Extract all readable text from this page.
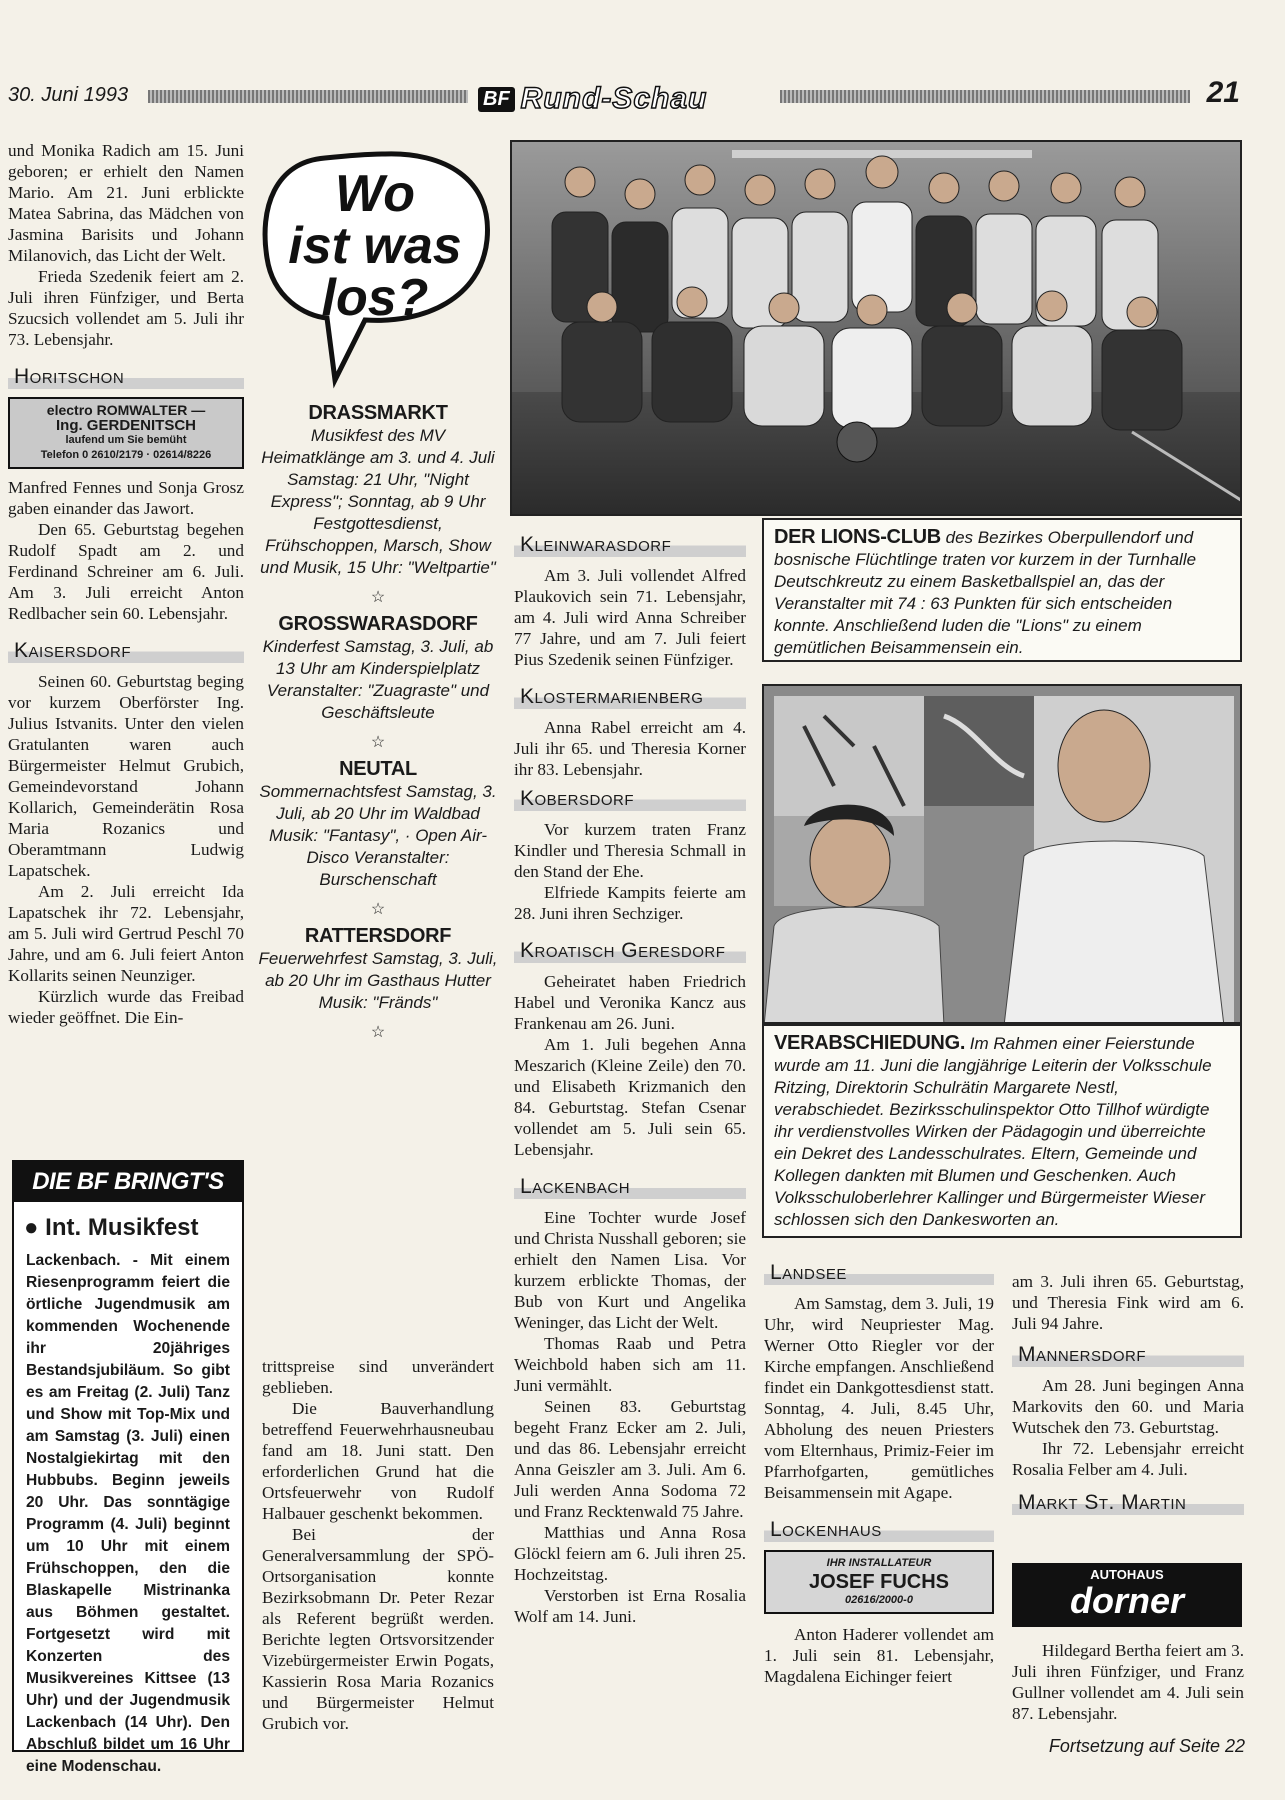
30. Juni 1993	BF Rund-Schau	21

und Monika Radich am 15. Juni geboren; er erhielt den Namen Mario. Am 21. Juni erblickte Matea Sabrina, das Mädchen von Jasmina Barisits und Johann Milanovich, das Licht der Welt.

Frieda Szedenik feiert am 2. Juli ihren Fünfziger, und Berta Szucsich vollendet am 5. Juli ihr 73. Lebensjahr.

Horitschon
electro ROMWALTER —
Ing. GERDENITSCH
laufend um Sie bemüht
Telefon 0 2610/2179 · 02614/8226

Manfred Fennes und Sonja Grosz gaben einander das Jawort.

Den 65. Geburtstag begehen Rudolf Spadt am 2. und Ferdinand Schreiner am 6. Juli. Am 3. Juli erreicht Anton Redlbacher sein 60. Lebensjahr.

Kaisersdorf

Seinen 60. Geburtstag beging vor kurzem Oberförster Ing. Julius Istvanits. Unter den vielen Gratulanten waren auch Bürgermeister Helmut Grubich, Gemeindevorstand Johann Kollarich, Gemeinderätin Rosa Maria Rozanics und Oberamtmann Ludwig Lapatschek.

Am 2. Juli erreicht Ida Lapatschek ihr 72. Lebensjahr, am 5. Juli wird Gertrud Peschl 70 Jahre, und am 6. Juli feiert Anton Kollarits seinen Neunziger.

Kürzlich wurde das Freibad wieder geöffnet. Die Ein-

DIE BF BRINGT'S
● Int. Musikfest
Lackenbach. - Mit einem Riesenprogramm feiert die örtliche Jugendmusik am kommenden Wochenende ihr 20jähriges Bestandsjubiläum. So gibt es am Freitag (2. Juli) Tanz und Show mit Top-Mix und am Samstag (3. Juli) einen Nostalgiekirtag mit den Hubbubs. Beginn jeweils 20 Uhr. Das sonntägige Programm (4. Juli) beginnt um 10 Uhr mit einem Frühschoppen, den die Blaskapelle Mistrinanka aus Böhmen gestaltet. Fortgesetzt wird mit Konzerten des Musikvereines Kittsee (13 Uhr) und der Jugendmusik Lackenbach (14 Uhr). Den Abschluß bildet um 16 Uhr eine Modenschau.
Wo
ist was
los?
DRASSMARKT
Musikfest des MV Heimatklänge am 3. und 4. Juli Samstag: 21 Uhr, "Night Express"; Sonntag, ab 9 Uhr Festgottesdienst, Frühschoppen, Marsch, Show und Musik, 15 Uhr: "Weltpartie"
☆
GROSSWARASDORF
Kinderfest Samstag, 3. Juli, ab 13 Uhr am Kinderspielplatz Veranstalter: "Zuagraste" und Geschäftsleute
☆
NEUTAL
Sommernachtsfest Samstag, 3. Juli, ab 20 Uhr im Waldbad Musik: "Fantasy", · Open Air-Disco Veranstalter: Burschenschaft
☆
RATTERSDORF
Feuerwehrfest Samstag, 3. Juli, ab 20 Uhr im Gasthaus Hutter Musik: "Fränds"
☆

trittspreise sind unverändert geblieben.

Die Bauverhandlung betreffend Feuerwehrhausneubau fand am 18. Juni statt. Den erforderlichen Grund hat die Ortsfeuerwehr von Rudolf Halbauer geschenkt bekommen.

Bei der Generalversammlung der SPÖ-Ortsorganisation konnte Bezirksobmann Dr. Peter Rezar als Referent begrüßt werden. Berichte legten Ortsvorsitzender Vizebürgermeister Erwin Pogats, Kassierin Rosa Maria Rozanics und Bürgermeister Helmut Grubich vor.

DER LIONS-CLUB des Bezirkes Oberpullendorf und bosnische Flüchtlinge traten vor kurzem in der Turnhalle Deutschkreutz zu einem Basketballspiel an, das der Veranstalter mit 74 : 63 Punkten für sich entscheiden konnte. Anschließend luden die "Lions" zu einem gemütlichen Beisammensein ein.
Kleinwarasdorf

Am 3. Juli vollendet Alfred Plaukovich sein 71. Lebensjahr, am 4. Juli wird Anna Schreiber 77 Jahre, und am 7. Juli feiert Pius Szedenik seinen Fünfziger.

Klostermarienberg

Anna Rabel erreicht am 4. Juli ihr 65. und Theresia Korner ihr 83. Lebensjahr.

Kobersdorf

Vor kurzem traten Franz Kindler und Theresia Schmall in den Stand der Ehe.

Elfriede Kampits feierte am 28. Juni ihren Sechziger.

Kroatisch Geresdorf

Geheiratet haben Friedrich Habel und Veronika Kancz aus Frankenau am 26. Juni.

Am 1. Juli begehen Anna Meszarich (Kleine Zeile) den 70. und Elisabeth Krizmanich den 84. Geburtstag. Stefan Csenar vollendet am 5. Juli sein 65. Lebensjahr.

Lackenbach

Eine Tochter wurde Josef und Christa Nusshall geboren; sie erhielt den Namen Lisa. Vor kurzem erblickte Thomas, der Bub von Kurt und Angelika Weninger, das Licht der Welt.

Thomas Raab und Petra Weichbold haben sich am 11. Juni vermählt.

Seinen 83. Geburtstag begeht Franz Ecker am 2. Juli, und das 86. Lebensjahr erreicht Anna Geiszler am 3. Juli. Am 6. Juli werden Anna Sodoma 72 und Franz Recktenwald 75 Jahre.

Matthias und Anna Rosa Glöckl feiern am 6. Juli ihren 25. Hochzeitstag.

Verstorben ist Erna Rosalia Wolf am 14. Juni.

VERABSCHIEDUNG. Im Rahmen einer Feierstunde wurde am 11. Juni die langjährige Leiterin der Volksschule Ritzing, Direktorin Schulrätin Margarete Nestl, verabschiedet. Bezirksschulinspektor Otto Tillhof würdigte ihr verdienstvolles Wirken der Pädagogin und überreichte ein Dekret des Landesschulrates. Eltern, Gemeinde und Kollegen dankten mit Blumen und Geschenken. Auch Volksschuloberlehrer Kallinger und Bürgermeister Wieser schlossen sich den Dankesworten an.
Landsee

Am Samstag, dem 3. Juli, 19 Uhr, wird Neupriester Mag. Werner Otto Riegler vor der Kirche empfangen. Anschließend findet ein Dankgottesdienst statt. Sonntag, 4. Juli, 8.45 Uhr, Abholung des neuen Priesters vom Elternhaus, Primiz-Feier im Pfarrhofgarten, gemütliches Beisammensein mit Agape.

Lockenhaus
IHR INSTALLATEUR
JOSEF FUCHS
02616/2000-0

Anton Haderer vollendet am 1. Juli sein 81. Lebensjahr, Magdalena Eichinger feiert

am 3. Juli ihren 65. Geburtstag, und Theresia Fink wird am 6. Juli 94 Jahre.

Mannersdorf

Am 28. Juni begingen Anna Markovits den 60. und Maria Wutschek den 73. Geburtstag.

Ihr 72. Lebensjahr erreicht Rosalia Felber am 4. Juli.

Markt St. Martin
AUTOHAUS
dorner

Hildegard Bertha feiert am 3. Juli ihren Fünfziger, und Franz Gullner vollendet am 4. Juli sein 87. Lebensjahr.

Fortsetzung auf Seite 22
